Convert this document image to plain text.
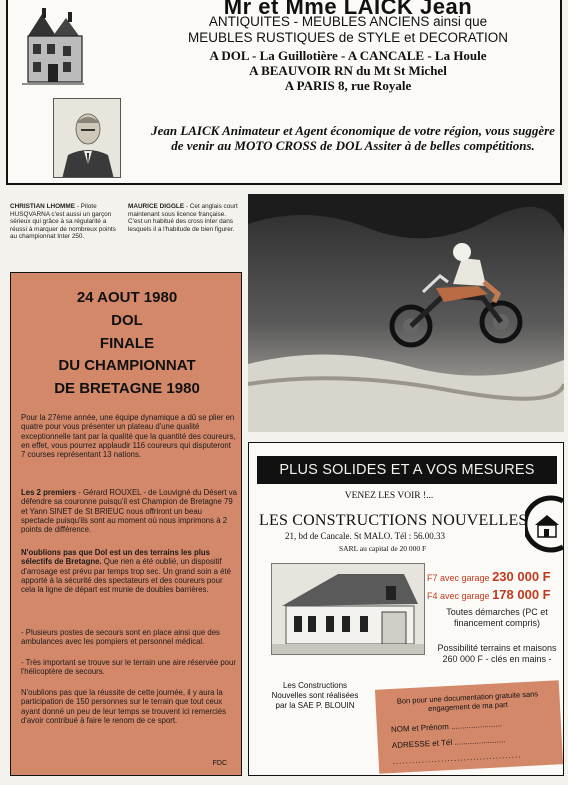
Mr et Mme LAICK Jean
ANTIQUITES - MEUBLES ANCIENS ainsi que
MEUBLES RUSTIQUES de STYLE et DECORATION
A DOL - La Guillotière - A CANCALE - La Houle
A BEAUVOIR RN du Mt St Michel
A PARIS 8, rue Royale
Jean LAICK Animateur et Agent économique de votre région, vous suggère de venir au MOTO CROSS de DOL Assiter à de belles compétitions.
CHRISTIAN LHOMME - Pilote HUSQVARNA c'est aussi un garçon sérieux qui grâce à sa régularité a réussi à marquer de nombreux points au championnat Inter 250.
MAURICE DIGGLE - Cet anglais court maintenant sous licence française. C'est un habitué des cross inter dans lesquels il a l'habitude de bien figurer.
24 AOUT 1980
DOL
FINALE
DU CHAMPIONNAT
DE BRETAGNE 1980
Pour la 27ème année, une équipe dynamique a dû se plier en quatre pour vous présenter un plateau d'une qualité exceptionnelle tant par la qualité que la quantité des coureurs, en effet, vous pourrez applaudir 116 coureurs qui disputeront 7 courses représentant 13 nations.
Les 2 premiers - Gérard ROUXEL - de Louvigné du Désert va défendre sa couronne puisqu'il est Champion de Bretagne 79 et Yann SINET de St BRIEUC nous offriront un beau spectacle puisqu'ils sont au moment où nous imprimons à 2 points de différence.
N'oublions pas que Dol est un des terrains les plus sélectifs de Bretagne. Que rien a été oublié, un dispositif d'arrosage est prévu par temps trop sec. Un grand soin a été apporté à la sécurité des spectateurs et des coureurs pour cela la ligne de départ est munie de doubles barrières.
- Plusieurs postes de secours sont en place ainsi que des ambulances avec les pompiers et personnel médical.
- Très important se trouve sur le terrain une aire réservée pour l'hélicoptère de secours.
N'oublions pas que la réussite de cette journée, il y aura la participation de 150 personnes sur le terrain que tout ceux ayant donné un peu de leur temps se trouvent ici remerciés d'avoir contribué à faire le renom de ce sport.
FDC
PLUS SOLIDES ET A VOS MESURES
VENEZ LES VOIR !...
LES CONSTRUCTIONS NOUVELLES
21, bd de Cancale. St MALO. Tél : 56.00.33
SARL au capital de 20 000 F
F7 avec garage 230 000 F
F4 avec garage 178 000 F
Toutes démarches (PC et financement compris)
Possibilité terrains et maisons 260 000 F - clés en mains -
Les Constructions Nouvelles sont réalisées par la SAE P. BLOUIN	Bon pour une documentation gratuite sans engagement de ma part
NOM et Prénom .......................
ADRESSE et Tél .......................
........................................
